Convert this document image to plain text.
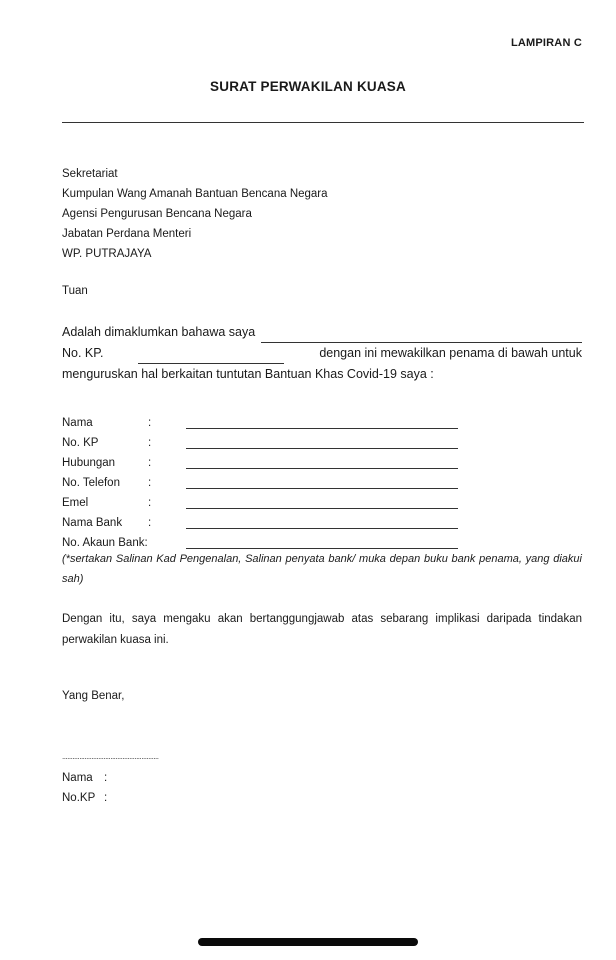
LAMPIRAN C
SURAT PERWAKILAN KUASA
Sekretariat
Kumpulan Wang Amanah Bantuan Bencana Negara
Agensi Pengurusan Bencana Negara
Jabatan Perdana Menteri
WP. PUTRAJAYA
Tuan
Adalah dimaklumkan bahawa saya
No. KP.	dengan ini mewakilkan penama di bawah untuk
menguruskan hal berkaitan tuntutan Bantuan Khas Covid-19 saya :
Nama	:
No. KP	:
Hubungan	:
No. Telefon	:
Emel	:
Nama Bank	:
No. Akaun Bank:
(*sertakan Salinan Kad Pengenalan, Salinan penyata bank/ muka depan buku bank penama, yang diakui sah)
Dengan itu, saya mengaku akan bertanggungjawab atas sebarang implikasi daripada tindakan perwakilan kuasa ini.
Yang Benar,
........................................................
Nama :
No.KP :
